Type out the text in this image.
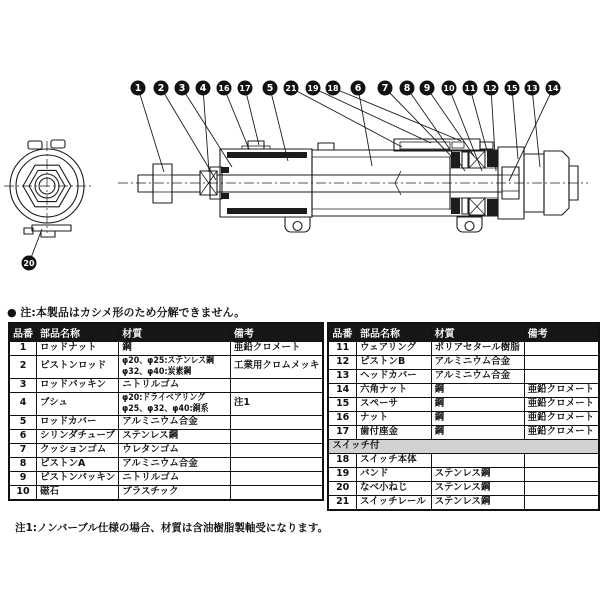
1 2 3 4 16 17 5 21 19 18 6 7 8 9 10 11 12 15 13 14
20
● 注:本製品はカシメ形のため分解できません。
品番	部品名称	材質	備考
1	ロッドナット	鋼	亜鉛クロメート
2	ピストンロッド	φ20、φ25:ステンレス鋼
φ32、φ40:炭素鋼	工業用クロムメッキ
3	ロッドパッキン	ニトリルゴム	
4	ブシュ	φ20:ドライベアリング
φ25、φ32、φ40:銅系	注1
5	ロッドカバー	アルミニウム合金	
6	シリンダチューブ	ステンレス鋼	
7	クッションゴム	ウレタンゴム	
8	ピストンA	アルミニウム合金	
9	ピストンパッキン	ニトリルゴム	
10	磁石	プラスチック	
品番	部品名称	材質	備考
11	ウェアリング	ポリアセタール樹脂	
12	ピストンB	アルミニウム合金	
13	ヘッドカバー	アルミニウム合金	
14	六角ナット	鋼	亜鉛クロメート
15	スペーサ	鋼	亜鉛クロメート
16	ナット	鋼	亜鉛クロメート
17	歯付座金	鋼	亜鉛クロメート
スイッチ付			
18	スイッチ本体		
19	バンド	ステンレス鋼	
20	なべ小ねじ	ステンレス鋼	
21	スイッチレール	ステンレス鋼	
注1:ノンバーブル仕様の場合、材質は含油樹脂製軸受になります。
